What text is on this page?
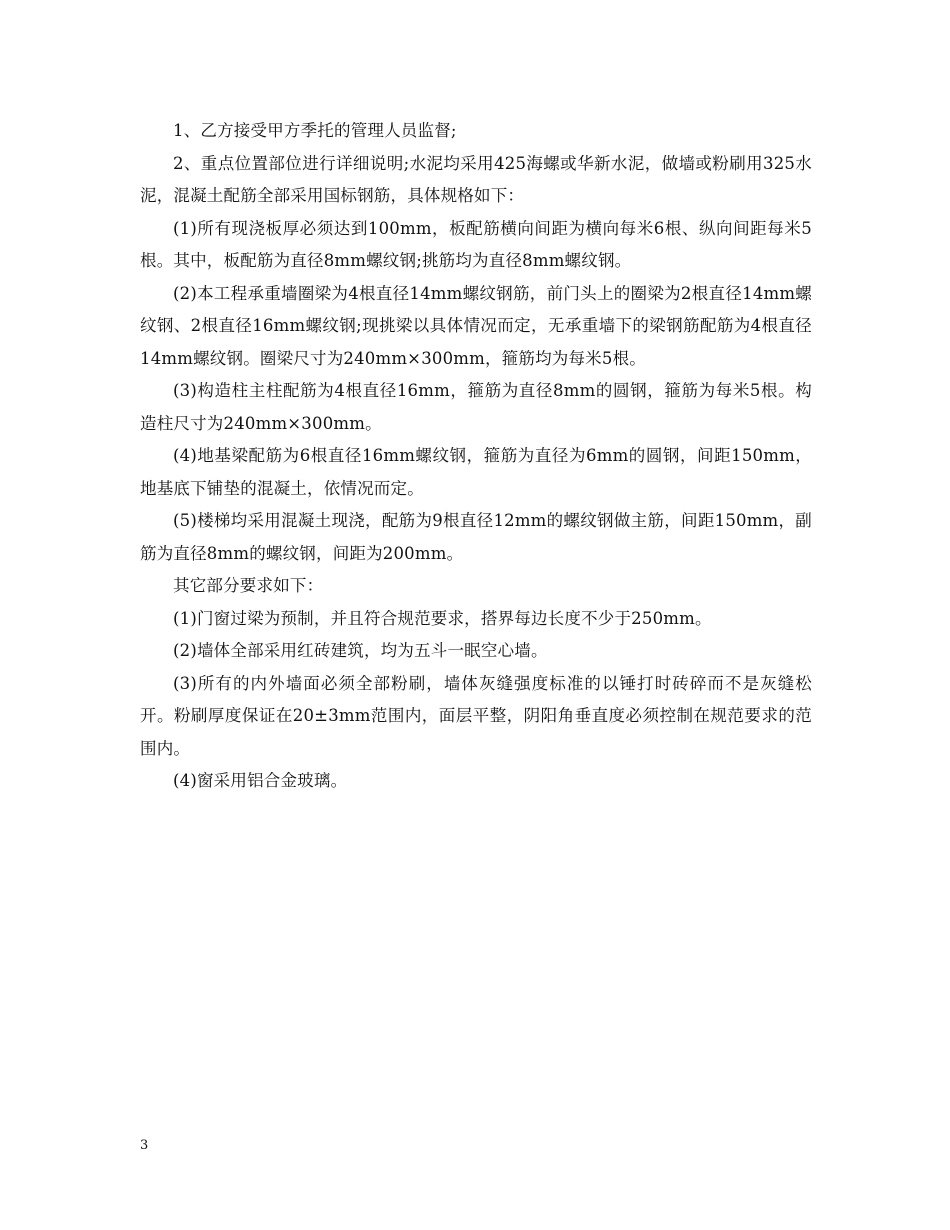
1、乙方接受甲方季托的管理人员监督;

2、重点位置部位进行详细说明;水泥均采用425海螺或华新水泥，做墙或粉刷用325水泥，混凝土配筋全部采用国标钢筋，具体规格如下：

(1)所有现浇板厚必须达到100mm，板配筋横向间距为横向每米6根、纵向间距每米5根。其中，板配筋为直径8mm螺纹钢;挑筋均为直径8mm螺纹钢。

(2)本工程承重墙圈梁为4根直径14mm螺纹钢筋，前门头上的圈梁为2根直径14mm螺纹钢、2根直径16mm螺纹钢;现挑梁以具体情况而定，无承重墙下的梁钢筋配筋为4根直径14mm螺纹钢。圈梁尺寸为240mm×300mm，箍筋均为每米5根。

(3)构造柱主柱配筋为4根直径16mm，箍筋为直径8mm的圆钢，箍筋为每米5根。构造柱尺寸为240mm×300mm。

(4)地基梁配筋为6根直径16mm螺纹钢，箍筋为直径为6mm的圆钢，间距150mm，地基底下铺垫的混凝土，依情况而定。

(5)楼梯均采用混凝土现浇，配筋为9根直径12mm的螺纹钢做主筋，间距150mm，副筋为直径8mm的螺纹钢，间距为200mm。

其它部分要求如下：

(1)门窗过梁为预制，并且符合规范要求，搭界每边长度不少于250mm。

(2)墙体全部采用红砖建筑，均为五斗一眠空心墙。

(3)所有的内外墙面必须全部粉刷，墙体灰缝强度标准的以锤打时砖碎而不是灰缝松开。粉刷厚度保证在20±3mm范围内，面层平整，阴阳角垂直度必须控制在规范要求的范围内。

(4)窗采用铝合金玻璃。

3
